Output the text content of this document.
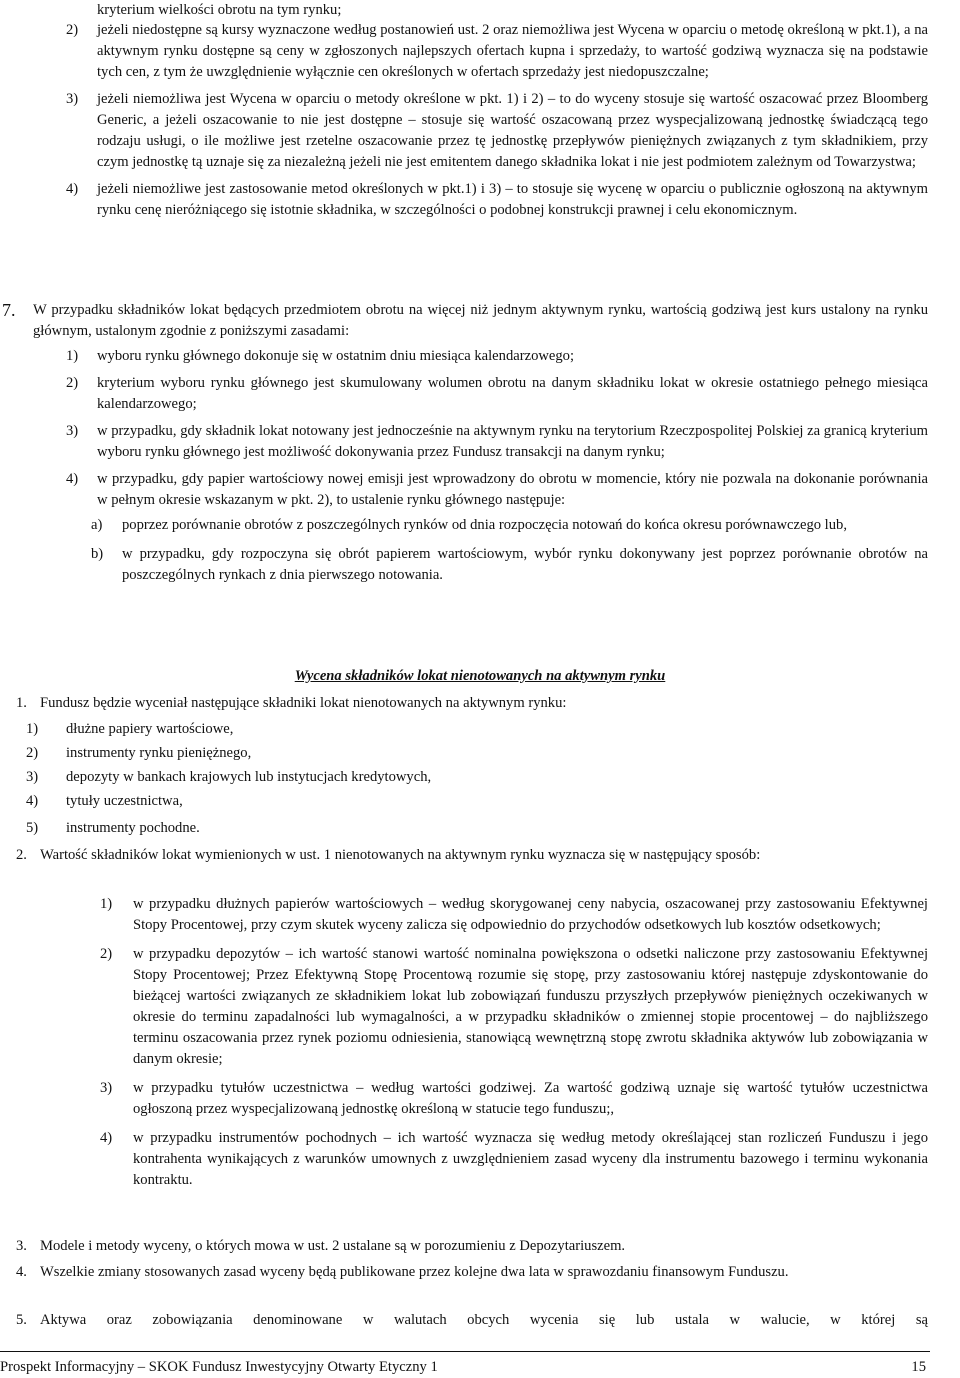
kryterium wielkości obrotu na tym rynku;
2)	jeżeli niedostępne są kursy wyznaczone według postanowień ust. 2 oraz niemożliwa jest Wycena w oparciu o metodę określoną w pkt.1), a na aktywnym rynku dostępne są ceny w zgłoszonych najlepszych ofertach kupna i sprzedaży, to wartość godziwą wyznacza się na podstawie tych cen, z tym że uwzględnienie wyłącznie cen określonych w ofertach sprzedaży jest niedopuszczalne;
3)	jeżeli niemożliwa jest Wycena w oparciu o metody określone w pkt. 1) i 2) – to do wyceny stosuje się wartość oszacować przez Bloomberg Generic, a jeżeli oszacowanie to nie jest dostępne – stosuje się wartość oszacowaną przez wyspecjalizowaną jednostkę świadczącą tego rodzaju usługi, o ile możliwe jest rzetelne oszacowanie przez tę jednostkę przepływów pieniężnych związanych z tym składnikiem, przy czym jednostkę tą uznaje się za niezależną jeżeli nie jest emitentem danego składnika lokat i nie jest podmiotem zależnym od Towarzystwa;
4)	jeżeli niemożliwe jest zastosowanie metod określonych w pkt.1) i 3) – to stosuje się wycenę w oparciu o publicznie ogłoszoną na aktywnym rynku cenę nieróżniącego się istotnie składnika, w szczególności o podobnej konstrukcji prawnej i celu ekonomicznym.
7. W przypadku składników lokat będących przedmiotem obrotu na więcej niż jednym aktywnym rynku, wartością godziwą jest kurs ustalony na rynku głównym, ustalonym zgodnie z poniższymi zasadami:
1)	wyboru rynku głównego dokonuje się w ostatnim dniu miesiąca kalendarzowego;
2)	kryterium wyboru rynku głównego jest skumulowany wolumen obrotu na danym składniku lokat w okresie ostatniego pełnego miesiąca kalendarzowego;
3)	w przypadku, gdy składnik lokat notowany jest jednocześnie na aktywnym rynku na terytorium Rzeczpospolitej Polskiej za granicą kryterium wyboru rynku głównego jest możliwość dokonywania przez Fundusz transakcji na danym rynku;
4)	w przypadku, gdy papier wartościowy nowej emisji jest wprowadzony do obrotu w momencie, który nie pozwala na dokonanie porównania w pełnym okresie wskazanym w pkt. 2), to ustalenie rynku głównego następuje:
a)	poprzez porównanie obrotów z poszczególnych rynków od dnia rozpoczęcia notowań do końca okresu porównawczego lub,
b)	w przypadku, gdy rozpoczyna się obrót papierem wartościowym, wybór rynku dokonywany jest poprzez porównanie obrotów na poszczególnych rynkach z dnia pierwszego notowania.
Wycena składników lokat nienotowanych na aktywnym rynku
1. Fundusz będzie wyceniał następujące składniki lokat nienotowanych na aktywnym rynku:
1)	dłużne papiery wartościowe,
2)	instrumenty rynku pieniężnego,
3)	depozyty w bankach krajowych lub instytucjach kredytowych,
4)	tytuły uczestnictwa,
5)	instrumenty pochodne.
2. Wartość składników lokat wymienionych w ust. 1 nienotowanych na aktywnym rynku wyznacza się w następujący sposób:
1)	w przypadku dłużnych papierów wartościowych – według skorygowanej ceny nabycia, oszacowanej przy zastosowaniu Efektywnej Stopy Procentowej, przy czym skutek wyceny zalicza się odpowiednio do przychodów odsetkowych lub kosztów odsetkowych;
2)	w przypadku depozytów – ich wartość stanowi wartość nominalna powiększona o odsetki naliczone przy zastosowaniu Efektywnej Stopy Procentowej; Przez Efektywną Stopę Procentową rozumie się stopę, przy zastosowaniu której następuje zdyskontowanie do bieżącej wartości związanych ze składnikiem lokat lub zobowiązań funduszu przyszłych przepływów pieniężnych oczekiwanych w okresie do terminu zapadalności lub wymagalności, a w przypadku składników o zmiennej stopie procentowej – do najbliższego terminu oszacowania przez rynek poziomu odniesienia, stanowiącą wewnętrzną stopę zwrotu składnika aktywów lub zobowiązania w danym okresie;
3)	w przypadku tytułów uczestnictwa – według wartości godziwej. Za wartość godziwą uznaje się wartość tytułów uczestnictwa ogłoszoną przez wyspecjalizowaną jednostkę określoną w statucie tego funduszu;,
4)	w przypadku instrumentów pochodnych – ich wartość wyznacza się według metody określającej stan rozliczeń Funduszu i jego kontrahenta wynikających z warunków umownych z uwzględnieniem zasad wyceny dla instrumentu bazowego i terminu wykonania kontraktu.
3. Modele i metody wyceny, o których mowa w ust. 2 ustalane są w porozumieniu z Depozytariuszem.
4. Wszelkie zmiany stosowanych zasad wyceny będą publikowane przez kolejne dwa lata w sprawozdaniu finansowym Funduszu.
5. Aktywa oraz zobowiązania denominowane w walutach obcych wycenia się lub ustala w walucie, w której są
Prospekt Informacyjny – SKOK Fundusz Inwestycyjny Otwarty Etyczny 1	15
